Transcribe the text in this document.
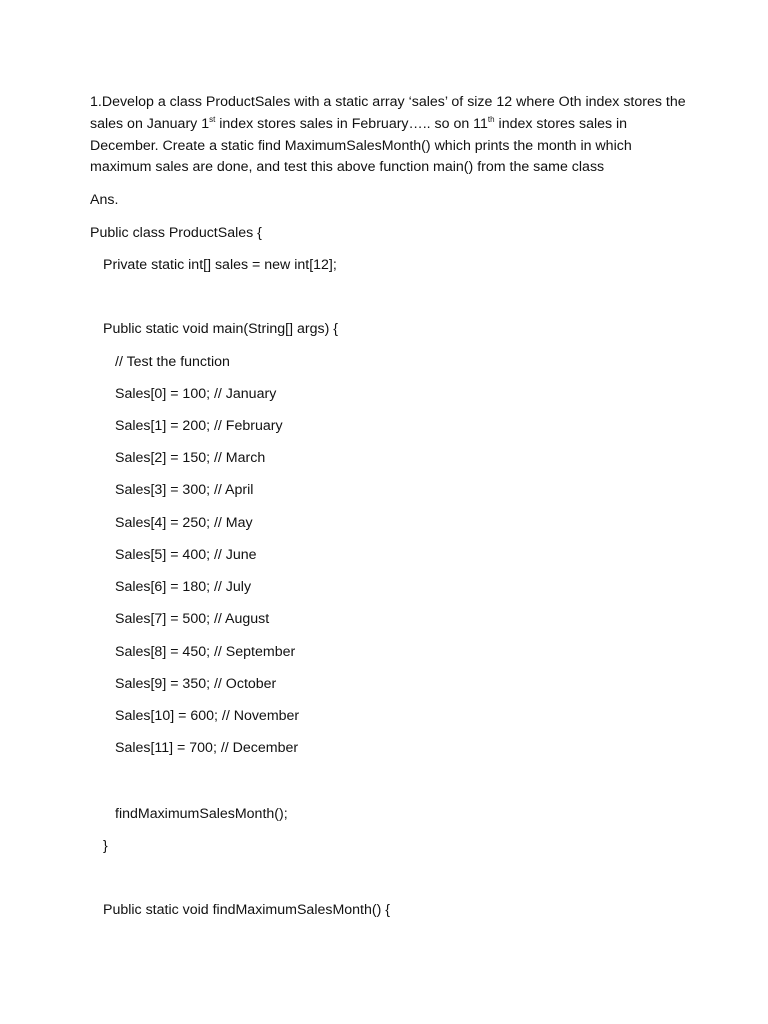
1.Develop a class ProductSales with a static array ‘sales’ of size 12 where Oth index stores the sales on January 1st index stores sales in February….. so on 11th index stores sales in December. Create a static find MaximumSalesMonth() which prints the month in which maximum sales are done, and test this above function main() from the same class
Ans.
Public class ProductSales {
Private static int[] sales = new int[12];
Public static void main(String[] args) {
// Test the function
Sales[0] = 100; // January
Sales[1] = 200; // February
Sales[2] = 150; // March
Sales[3] = 300; // April
Sales[4] = 250; // May
Sales[5] = 400; // June
Sales[6] = 180; // July
Sales[7] = 500; // August
Sales[8] = 450; // September
Sales[9] = 350; // October
Sales[10] = 600; // November
Sales[11] = 700; // December
findMaximumSalesMonth();
}
Public static void findMaximumSalesMonth() {
